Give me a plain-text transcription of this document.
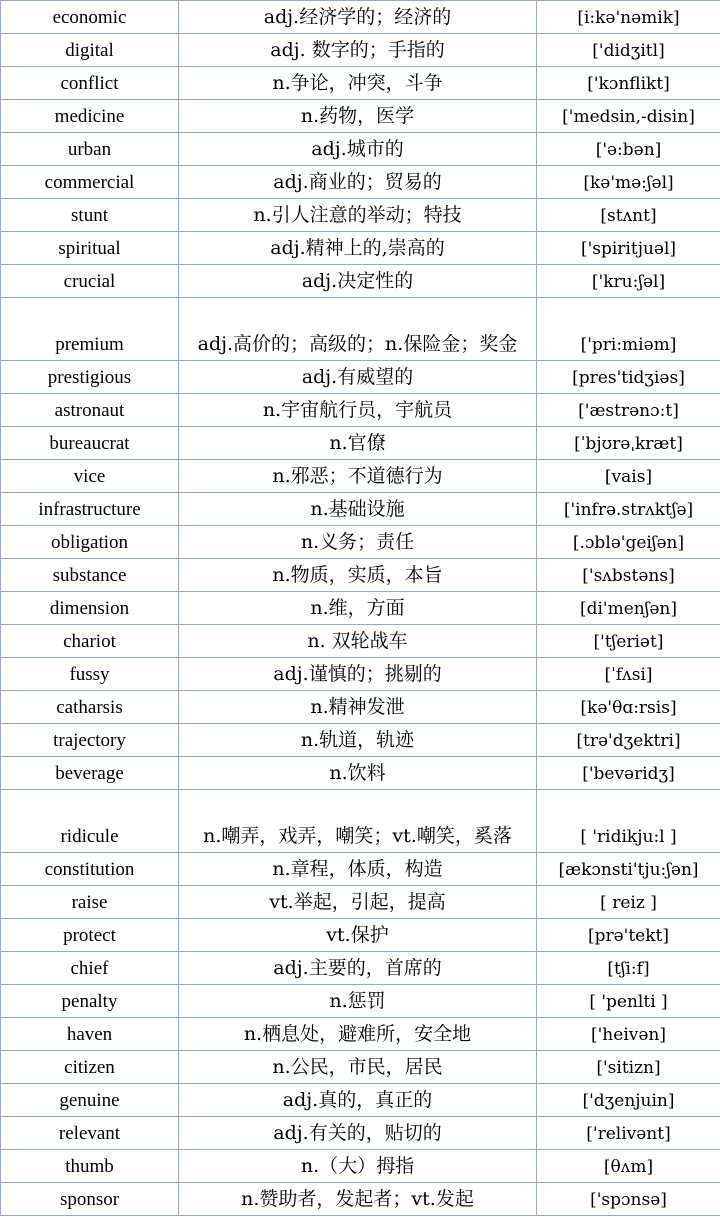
economic	adj.经济学的；经济的	[i:kə'nəmik]
digital	adj. 数字的；手指的	['didʒitl]
conflict	n.争论，冲突，斗争	['kɔnflikt]
medicine	n.药物，医学	['medsin,-disin]
urban	adj.城市的	['ə:bən]
commercial	adj.商业的；贸易的	[kə'mə:ʃəl]
stunt	n.引人注意的举动；特技	[stʌnt]
spiritual	adj.精神上的,崇高的	['spiritjuəl]
crucial	adj.决定性的	['kru:ʃəl]
premium	adj.高价的；高级的；n.保险金；奖金	['pri:miəm]
prestigious	adj.有威望的	[pres'tidʒiəs]
astronaut	n.宇宙航行员，宇航员	['æstrənɔ:t]
bureaucrat	n.官僚	[ˈbjʊrəˌkræt]
vice	n.邪恶；不道德行为	[vais]
infrastructure	n.基础设施	['infrə.strʌktʃə]
obligation	n.义务；责任	[.ɔblə'geiʃən]
substance	n.物质，实质，本旨	['sʌbstəns]
dimension	n.维，方面	[di'menʃən]
chariot	n. 双轮战车	['tʃeriət]
fussy	adj.谨慎的；挑剔的	[ˈfʌsi]
catharsis	n.精神发泄	[kə'θɑ:rsis]
trajectory	n.轨道，轨迹	[trə'dʒektri]
beverage	n.饮料	['bevəridʒ]
ridicule	n.嘲弄，戏弄，嘲笑；vt.嘲笑，奚落	[ 'ridikju:l ]
constitution	n.章程，体质，构造	[ækɔnsti'tju:ʃən]
raise	vt.举起，引起，提高	[ reiz ]
protect	vt.保护	[prə'tekt]
chief	adj.主要的，首席的	[tʃi:f]
penalty	n.惩罚	[ 'penlti ]
haven	n.栖息处，避难所，安全地	['heivən]
citizen	n.公民，市民，居民	['sitizn]
genuine	adj.真的，真正的	['dʒenjuin]
relevant	adj.有关的，贴切的	['relivənt]
thumb	n.（大）拇指	[θʌm]
sponsor	n.赞助者，发起者；vt.发起	['spɔnsə]
